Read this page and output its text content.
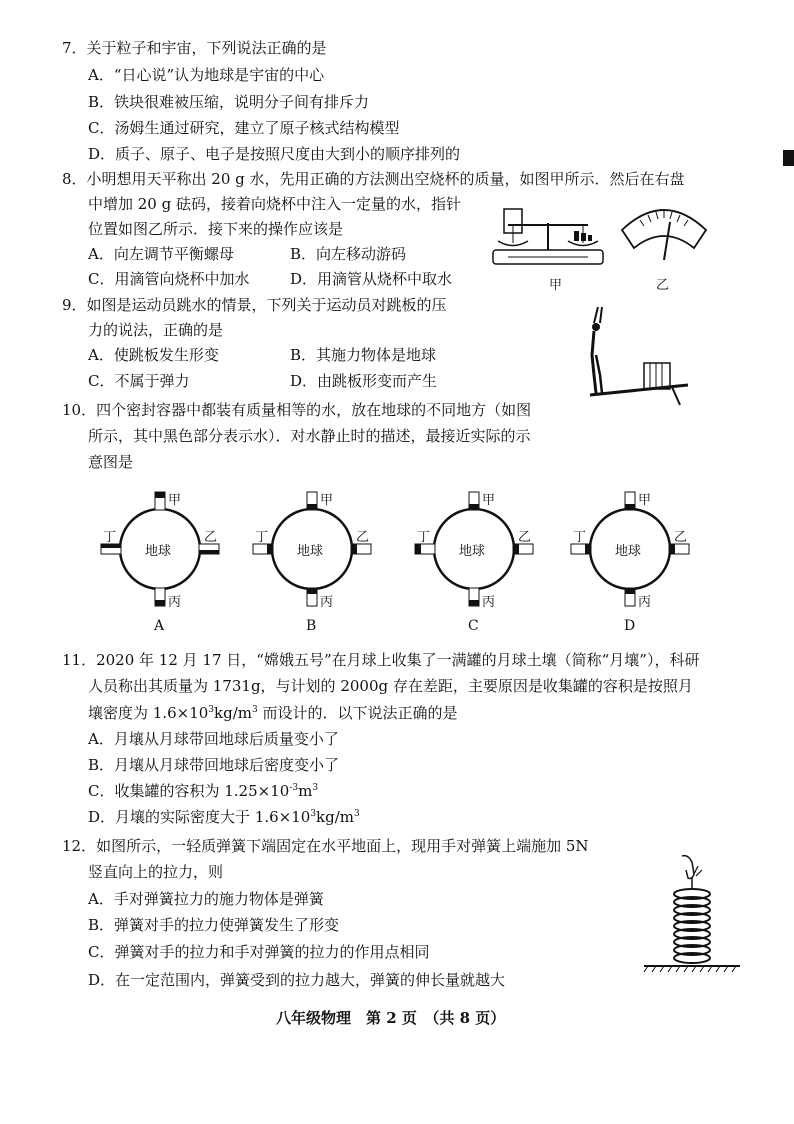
7．关于粒子和宇宙，下列说法正确的是
A．“日心说”认为地球是宇宙的中心
B．铁块很难被压缩，说明分子间有排斥力
C．汤姆生通过研究，建立了原子核式结构模型
D．质子、原子、电子是按照尺度由大到小的顺序排列的
8．小明想用天平称出 20 g 水，先用正确的方法测出空烧杯的质量，如图甲所示．然后在右盘
中增加 20 g 砝码，接着向烧杯中注入一定量的水，指针
位置如图乙所示．接下来的操作应该是
A．向左调节平衡螺母	B．向左移动游码
C．用滴管向烧杯中加水	D．用滴管从烧杯中取水	甲	乙
9．如图是运动员跳水的情景，下列关于运动员对跳板的压
力的说法，正确的是
A．使跳板发生形变	B．其施力物体是地球
C．不属于弹力	D．由跳板形变而产生
10．四个密封容器中都装有质量相等的水，放在地球的不同地方（如图
所示，其中黑色部分表示水）．对水静止时的描述，最接近实际的示
意图是
地球
甲
丙
丁	乙
A
地球
甲
丙
丁	乙
B
地球
甲
丙
丁	乙
C
地球
甲
丙
丁	乙
D
11．2020 年 12 月 17 日，“嫦娥五号”在月球上收集了一满罐的月球土壤（简称“月壤”），科研
人员称出其质量为 1731g，与计划的 2000g 存在差距，主要原因是收集罐的容积是按照月
壤密度为 $1.6\times 10^3kg/m^3$ 而设计的．以下说法正确的是
A．月壤从月球带回地球后质量变小了
B．月壤从月球带回地球后密度变小了
C．收集罐的容积为 $1.25\times 10^{-3}m^3$
D．月壤的实际密度大于 $1.6\times 10^3kg/m^3$
12．如图所示，一轻质弹簧下端固定在水平地面上，现用手对弹簧上端施加 5N
竖直向上的拉力，则
A．手对弹簧拉力的施力物体是弹簧
B．弹簧对手的拉力使弹簧发生了形变
C．弹簧对手的拉力和手对弹簧的拉力的作用点相同
D．在一定范围内，弹簧受到的拉力越大，弹簧的伸长量就越大
八年级物理　第 2 页　（共 8 页）
